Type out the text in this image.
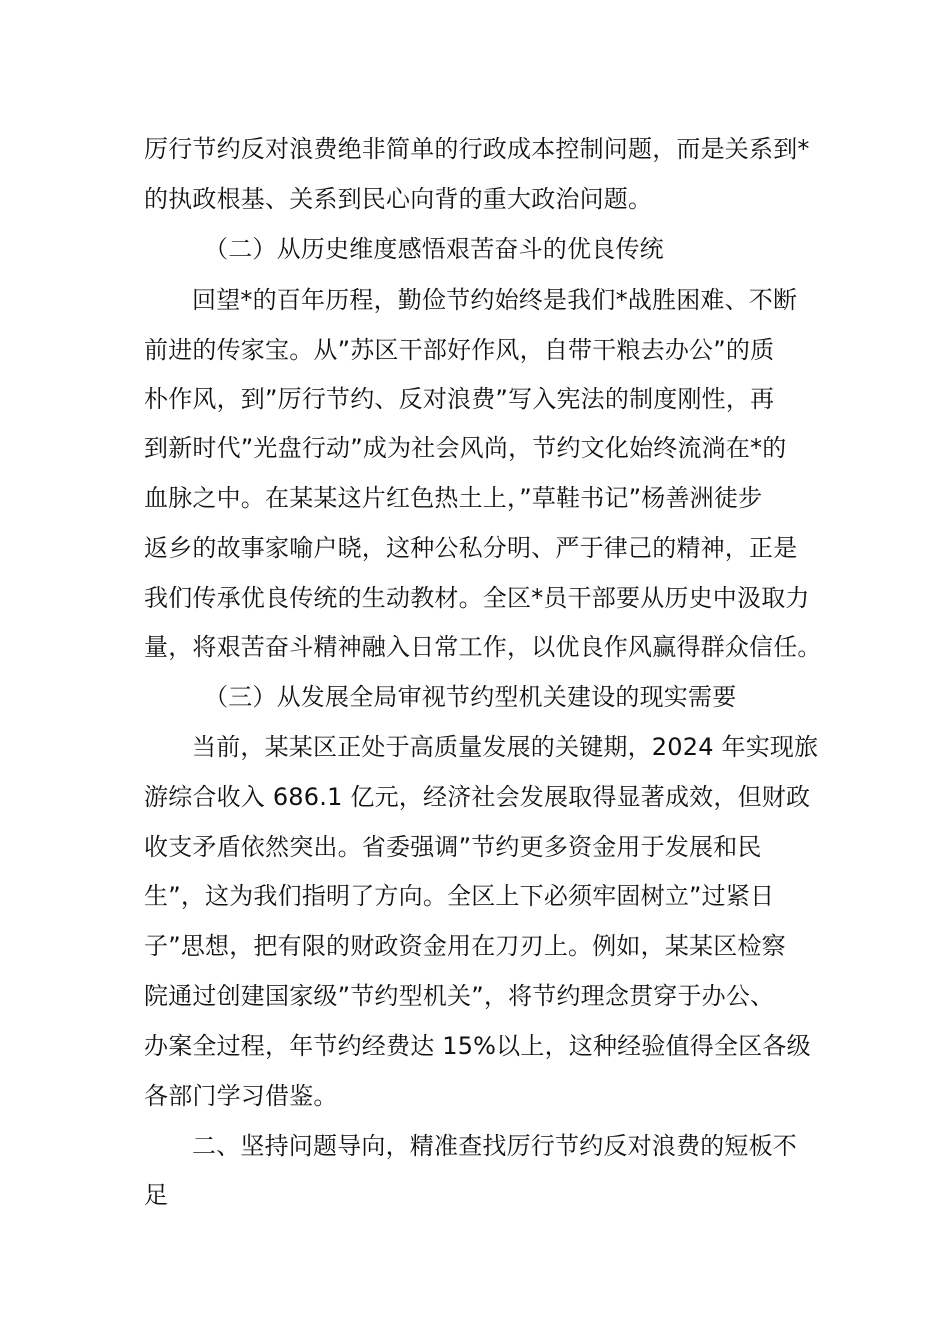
厉行节约反对浪费绝非简单的行政成本控制问题，而是关系到*
的执政根基、关系到民心向背的重大政治问题。
（二）从历史维度感悟艰苦奋斗的优良传统
回望*的百年历程，勤俭节约始终是我们*战胜困难、不断
前进的传家宝。从”苏区干部好作风，自带干粮去办公”的质
朴作风，到”厉行节约、反对浪费”写入宪法的制度刚性，再
到新时代”光盘行动”成为社会风尚，节约文化始终流淌在*的
血脉之中。在某某这片红色热土上，”草鞋书记”杨善洲徒步
返乡的故事家喻户晓，这种公私分明、严于律己的精神，正是
我们传承优良传统的生动教材。全区*员干部要从历史中汲取力
量，将艰苦奋斗精神融入日常工作，以优良作风赢得群众信任。
（三）从发展全局审视节约型机关建设的现实需要
当前，某某区正处于高质量发展的关键期，2024 年实现旅
游综合收入 686.1 亿元，经济社会发展取得显著成效，但财政
收支矛盾依然突出。省委强调”节约更多资金用于发展和民
生”，这为我们指明了方向。全区上下必须牢固树立”过紧日
子”思想，把有限的财政资金用在刀刃上。例如，某某区检察
院通过创建国家级”节约型机关”，将节约理念贯穿于办公、
办案全过程，年节约经费达 15%以上，这种经验值得全区各级
各部门学习借鉴。
二、坚持问题导向，精准查找厉行节约反对浪费的短板不
足
